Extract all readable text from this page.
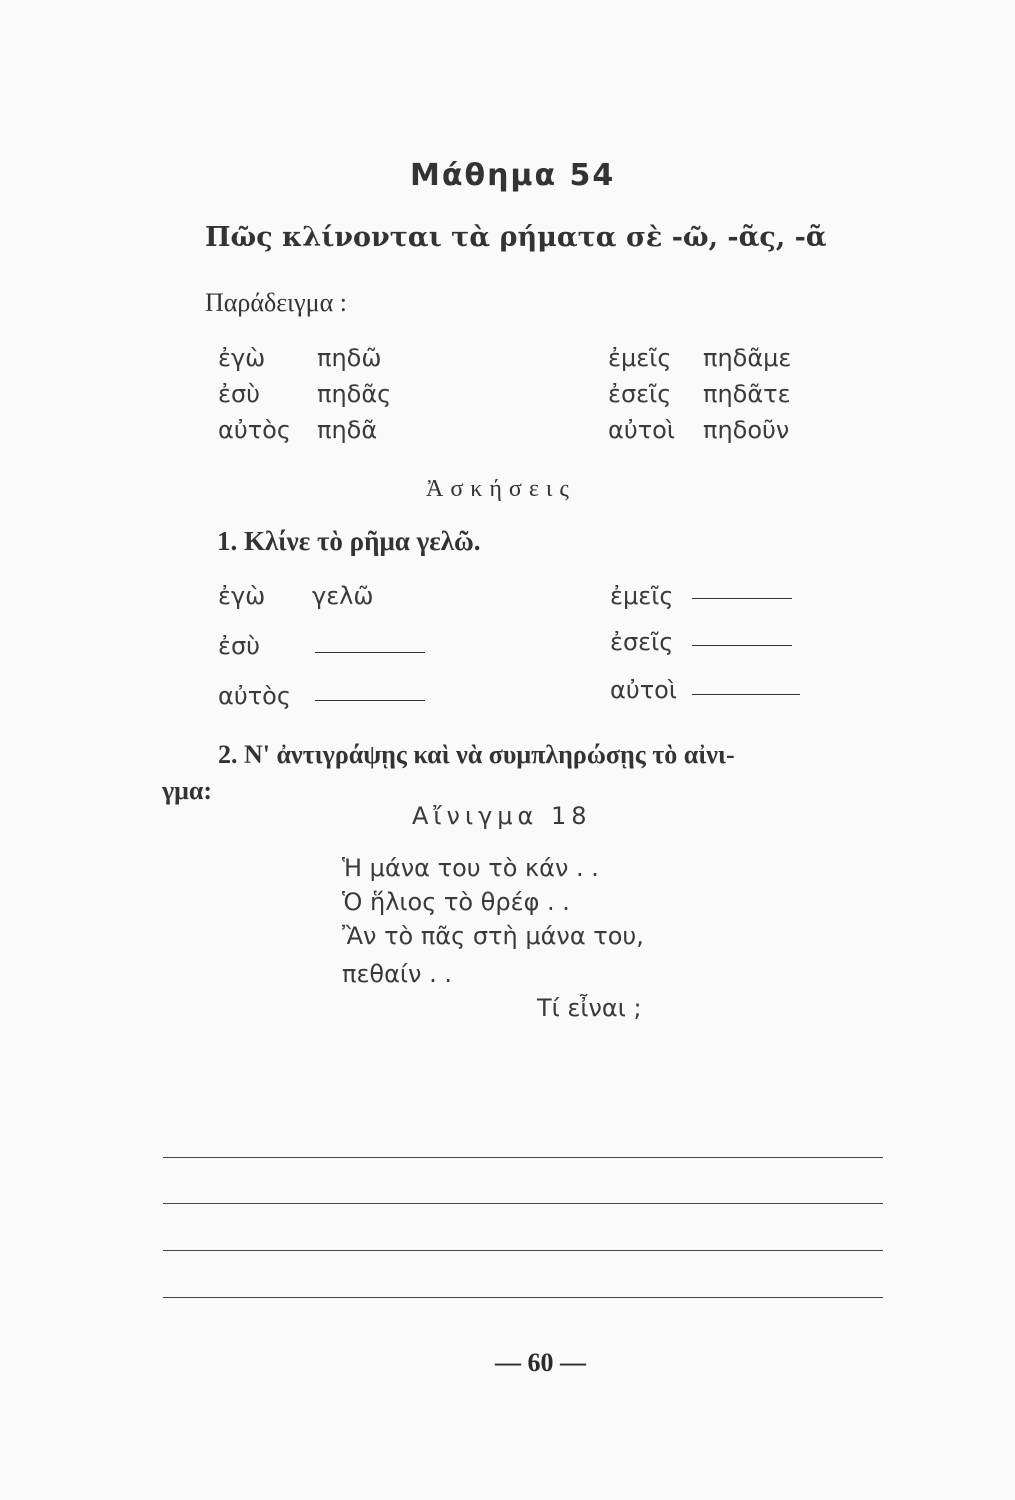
Μάθημα 54
Πῶς κλίνονται τὰ ρήματα σὲ -ῶ, -ᾶς, -ᾶ
Παράδειγμα :
ἐγὼ πηδῶ	ἐμεῖς πηδᾶμε
ἐσὺ πηδᾶς	ἐσεῖς πηδᾶτε
αὐτὸς πηδᾶ	αὐτοὶ πηδοῦν
Ἀσκήσεις
1. Κλίνε τὸ ρῆμα γελῶ.
ἐγὼ γελῶ	ἐμεῖς
ἐσὺ	ἐσεῖς
αὐτὸς	αὐτοὶ
2. Ν' ἀντιγράψῃς καὶ νὰ συμπληρώσῃς τὸ αἰνι-
γμα:
Αἴνιγμα 18
Ἡ μάνα του τὸ κάν . .
Ὁ ἥλιος τὸ θρέφ . .
Ἂν τὸ πᾶς στὴ μάνα του,
πεθαίν . .
Τί εἶναι ;
— 60 —
